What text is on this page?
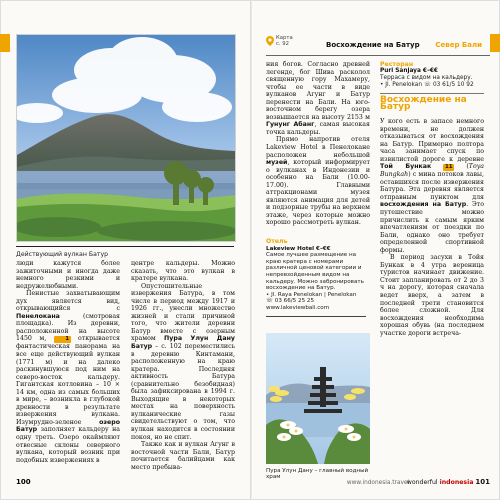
Действующий вулкан Батур

люди кажутся более зажиточными и иногда даже немного резкими и недружелюбными.

Пенистые захватывающим дух является вид, открывающийся с Пенелокана (смотровая площадка). Из деревни, расположенной на высоте 1450 м, 1 открывается фантастическая панорама на все еще действующий вулкан (1771 м) и на далеко раскинувшуюся под ним на северо-восток кальдеру. Гигантская котловина – 10 × 14 км, одна из самых больших в мире, – возникла в глубокой древности в результате извержения вулкана. Изумрудно-зеленое озеро Батур заполняет кальдеру на одну треть. Озеро окаймляют отвесные склоны северного вулкана, который возник при подобных извержениях в

центре кальдеры. Можно сказать, что это вулкан в кратере вулкана.

Опустошительные извержения Батура, в том числе в период между 1917 и 1926 гг., унесли множество жизней и стали причиной того, что жители деревни Батур вместе с озерным храмом Пура Улун Дану Батур – с. 102 переместились в деревню Кинтамани, расположенную на краю кратера. Последняя активность Батура (сравнительно безобидная) была зафиксирована в 1994 г. Выходящие в некоторых местах на поверхность вулканические газы свидетельствуют о том, что вулкан находится в состоянии покоя, но не спит.

Также как и вулкан Агунг в восточной части Бали, Батур почитается балийцами как место пребыва-

100
Карта
с. 92	Восхождение на Батур Север Бали

ния богов. Согласно древней легенде, бог Шива расколол священную гору Махамеру, чтобы ее части в виде вулканов Агунг и Батур перенести на Бали. На юго-восточном берегу озера возвышается на высоту 2153 м Гунунг Абанг, самая высокая точка кальдеры.

Прямо напротив отеля Lakeview Hotel в Пенелокане расположен небольшой музей, который информирует о вулканах в Индонезии и особенно на Бали (10.00-17.00). Главными аттракционами музея являются анимация для детей и подзорные трубы на верхнем этаже, через которые можно хорошо рассмотреть вулкан.

Отель
Lakeview Hotel €–€€
Самое лучшее размещение на краю кратера с номерами различной ценовой категории и непревзойденным видом на кальдеру. Можно забронировать восхождение на Батур.
• Jl. Raya Penelokan | Penelokan
☏ 03 66/5 25 25
www.lakeviewbali.com
Пура Улун Дану – главный водный храм
Ресторан
Puri Sanjaya €–€€
Терраса с видом на кальдеру.
• Jl. Penelokan ☏ 03 61/5 10 92
Восхождение на Батур

У кого есть в запасе немного времени, не должен отказываться от восхождения на Батур. Примерно полтора часа занимает спуск по извилистой дороге к деревне Той Бункак 11 (Тоya Bungkah) с мина потоков лавы, оставшихся после извержения Батура. Эта деревня является отправным пунктом для восхождения на Батур. Это путешествие можно причислить к самым ярким впечатлениям от поездки по Бали, однако оно требует определенной спортивной формы.

В период засухи в Тойя Бункак в 4 утра вереница туристов начинает движение. Стоит запланировать от 2 до 3 ч на дорогу, которая сначала ведет вверх, а затем в последней трети становится более сложной. Для восхождения необходима хорошая обувь (на последнем участке дороги встреча-

www.indonesia.travel
wonderful indonesia 101
